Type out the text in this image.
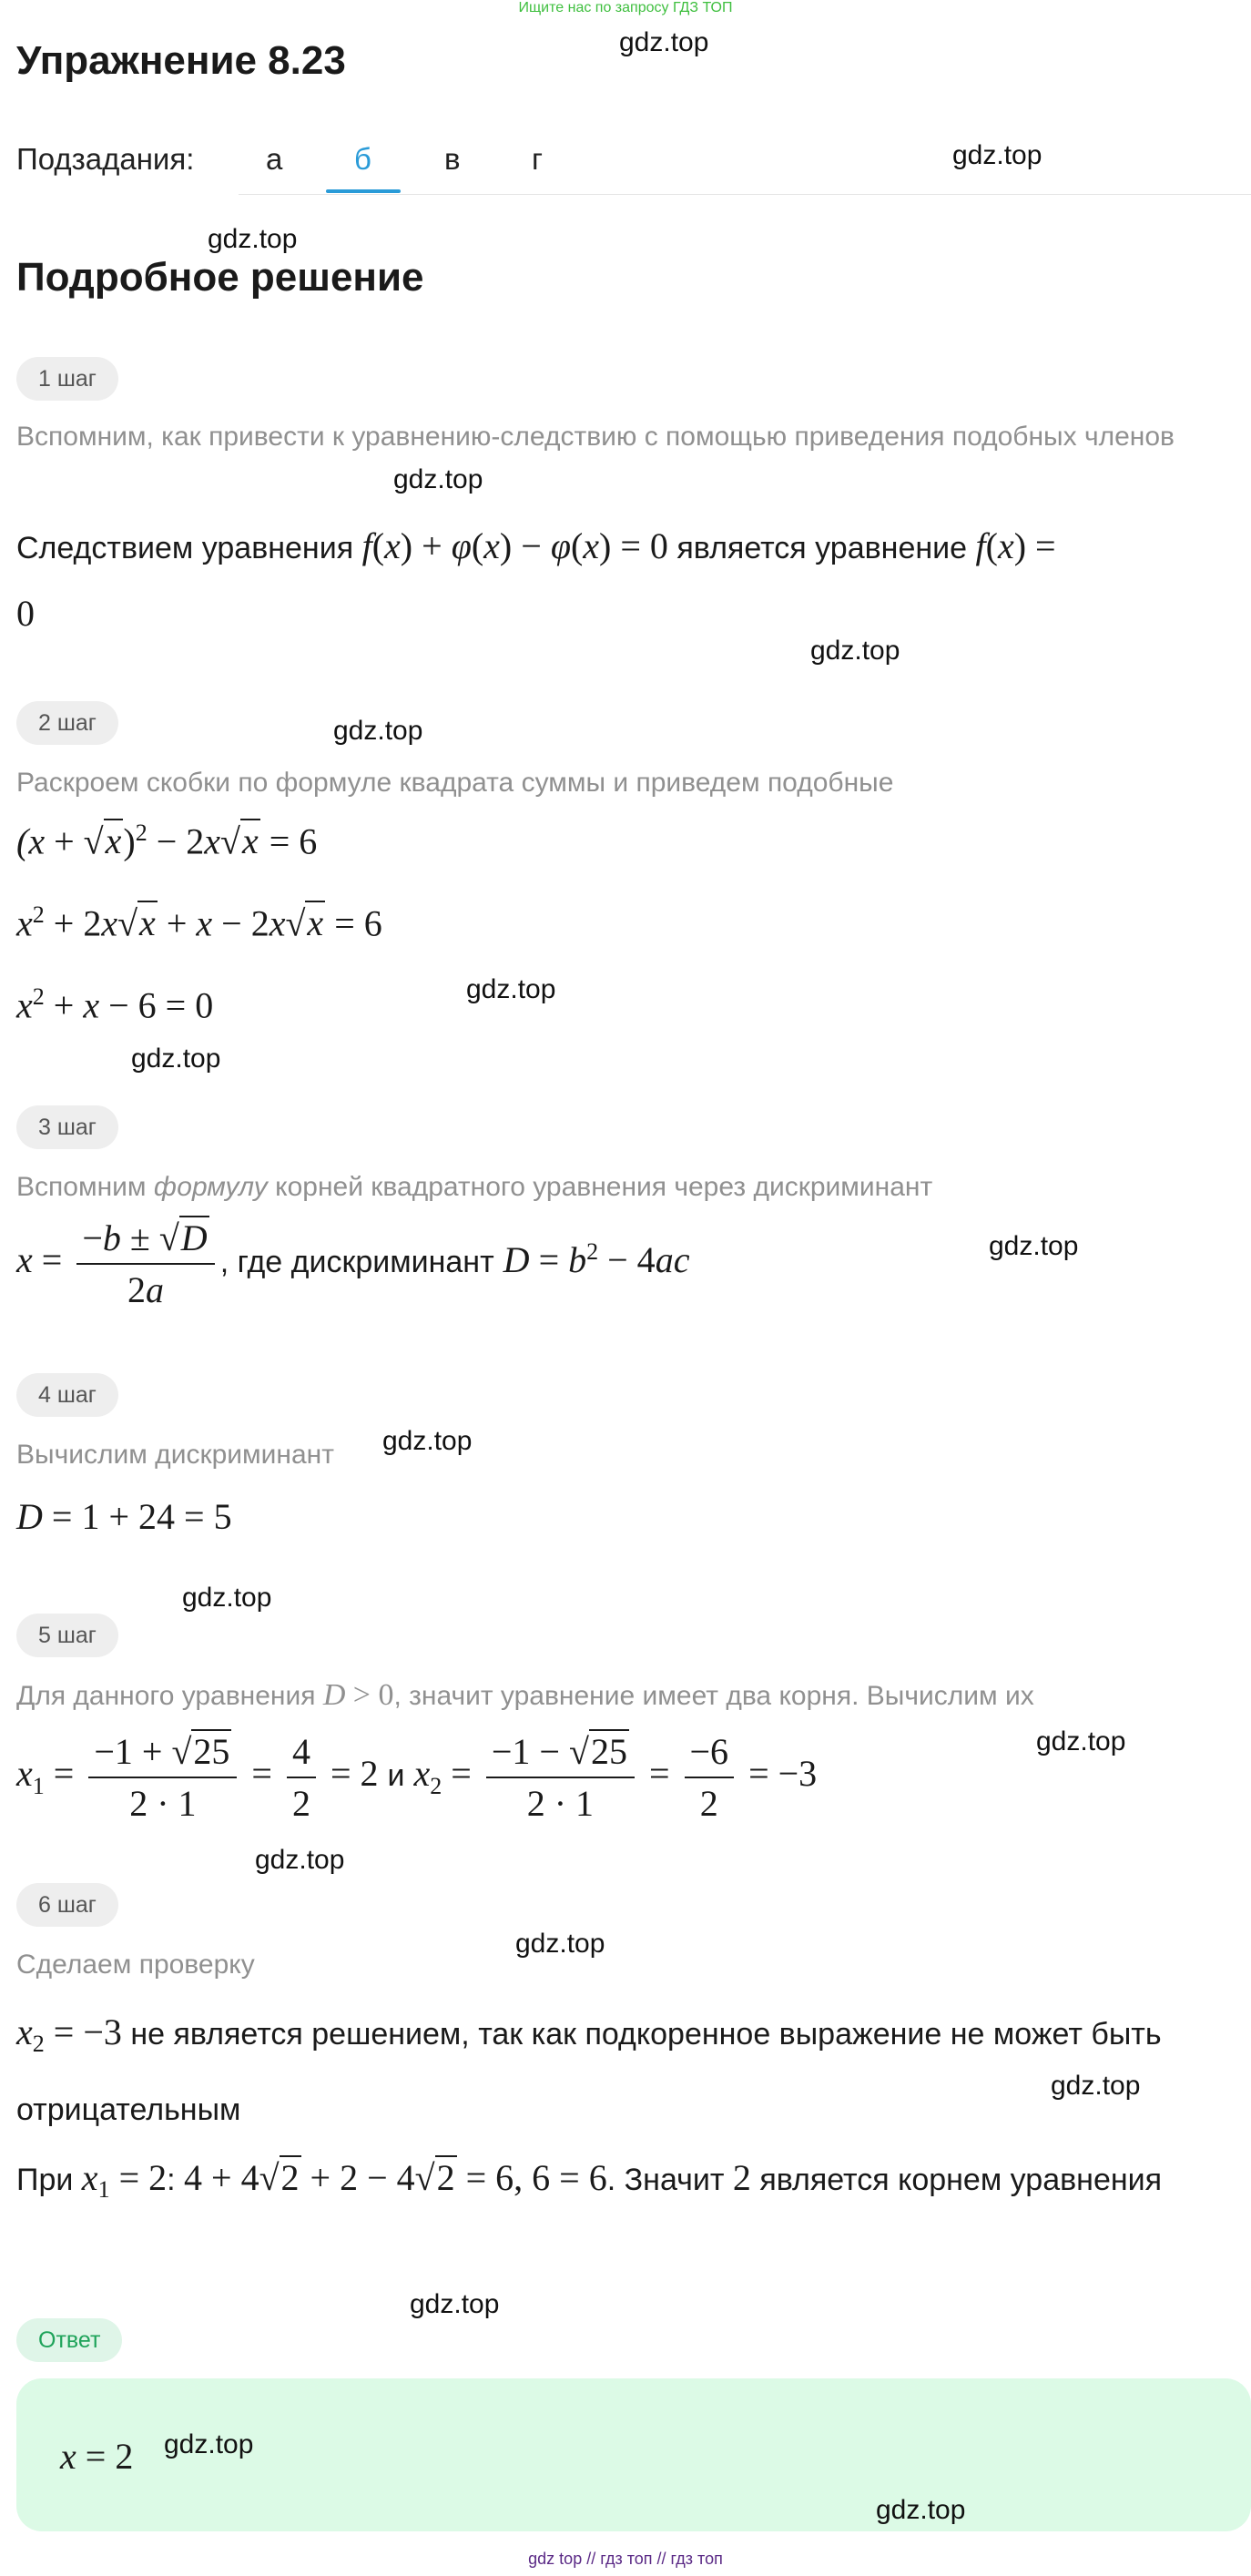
Ищите нас по запросу ГДЗ ТОП
Упражнение 8.23
Подзадания: а б в г
Подробное решение
1 шаг
Вспомним, как привести к уравнению-следствию с помощью приведения подобных членов
Следствием уравнения f(x) + φ(x) − φ(x) = 0 является уравнение f(x) =
0
2 шаг
Раскроем скобки по формуле квадрата суммы и приведем подобные
$(x + √x)^2 - 2x√x = 6$
$x^2 + 2x√x + x - 2x√x = 6$
$x^2 + x - 6 = 0$
3 шаг
Вспомним формулу корней квадратного уравнения через дискриминант
$x = \frac{-b \pm √D}{2a}$ , где дискриминант $D = b^2 - 4ac$
4 шаг
Вычислим дискриминант
D = 1 + 24 = 5
5 шаг
Для данного уравнения D > 0, значит уравнение имеет два корня. Вычислим их
$x_1 = \frac{-1 + √25}{2 \cdot 1} = \frac{4}{2} = 2$ и $x_2 = \frac{-1 - √25}{2 \cdot 1} = \frac{-6}{2} = -3$
6 шаг
Сделаем проверку
$x_2 = -3$ не является решением, так как подкоренное выражение не может быть отрицательным
При $x_1 = 2$: 4 + 4√2 + 2 − 4√2 = 6, 6 = 6. Значит 2 является корнем уравнения
Ответ
x = 2
gdz.top
gdz.top
gdz.top
gdz.top
gdz.top
gdz.top
gdz.top
gdz.top
gdz.top
gdz.top
gdz.top
gdz.top
gdz.top
gdz.top
gdz.top
gdz.top
gdz.top
gdz.top
gdz top // гдз топ // гдз топ
